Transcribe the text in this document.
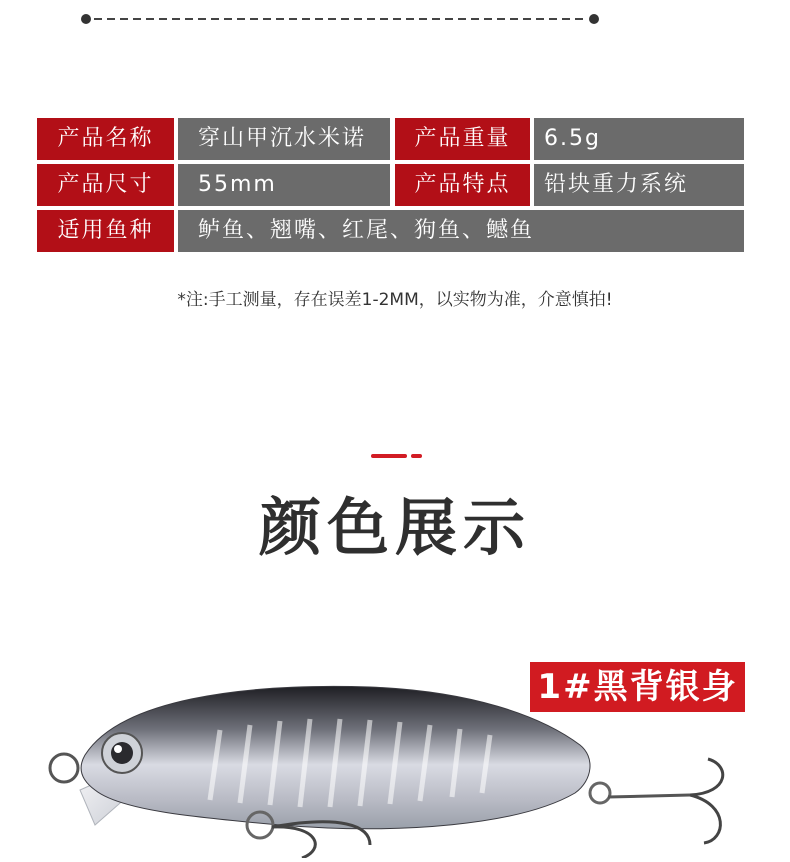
产品名称	穿山甲沉水米诺	产品重量	6.5g
产品尺寸	55mm	产品特点	铅块重力系统
适用鱼种	鲈鱼、翘嘴、红尾、狗鱼、鳡鱼
*注:手工测量，存在误差1-2MM，以实物为准，介意慎拍!
颜色展示
1#黑背银身
